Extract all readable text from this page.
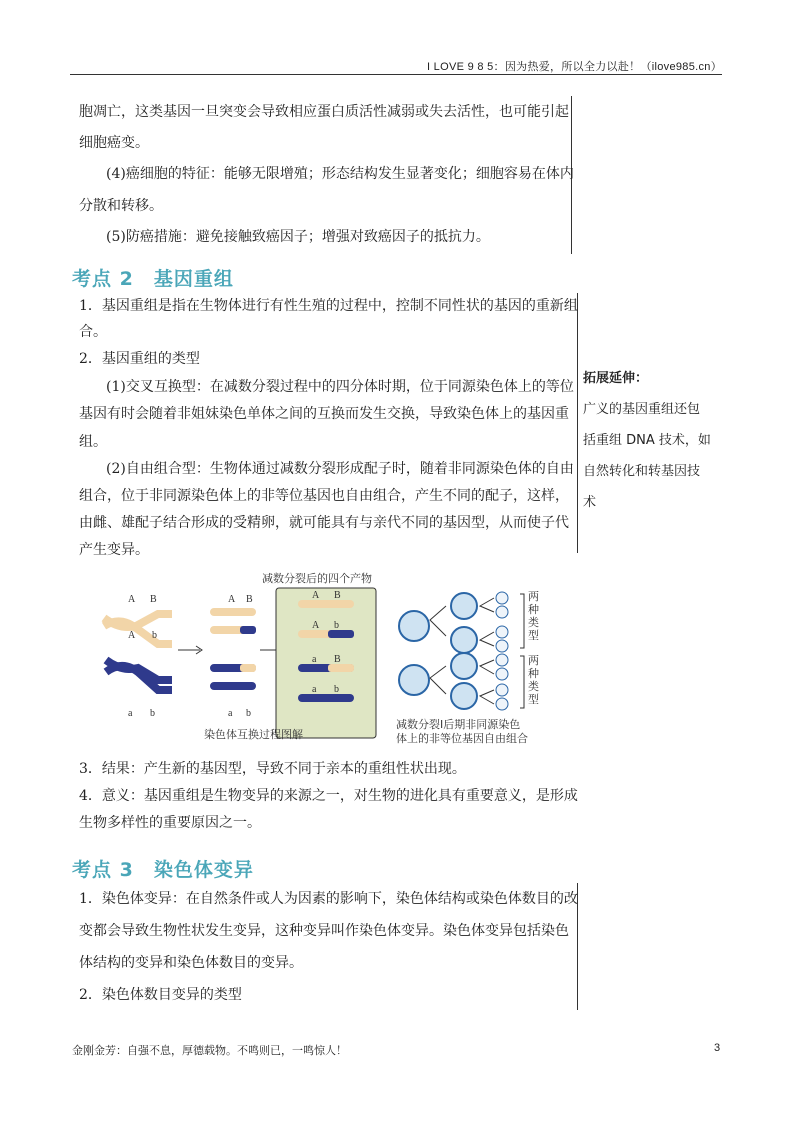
I LOVE 9 8 5：因为热爱，所以全力以赴！（ilove985.cn）
胞凋亡，这类基因一旦突变会导致相应蛋白质活性减弱或失去活性，也可能引起
细胞癌变。
(4)癌细胞的特征：能够无限增殖；形态结构发生显著变化；细胞容易在体内
分散和转移。
(5)防癌措施：避免接触致癌因子；增强对致癌因子的抵抗力。
考点 2　基因重组
1．基因重组是指在生物体进行有性生殖的过程中，控制不同性状的基因的重新组
合。
2．基因重组的类型
(1)交叉互换型：在减数分裂过程中的四分体时期，位于同源染色体上的等位
基因有时会随着非姐妹染色单体之间的互换而发生交换，导致染色体上的基因重
组。
(2)自由组合型：生物体通过减数分裂形成配子时，随着非同源染色体的自由
组合，位于非同源染色体上的非等位基因也自由组合，产生不同的配子，这样，
由雌、雄配子结合形成的受精卵，就可能具有与亲代不同的基因型，从而使子代
产生变异。
拓展延伸：
广义的基因重组还包
括重组 DNA 技术，如
自然转化和转基因技
术
A B
A b
a b
A B
a b
A B
A b
a B
a b
减数分裂后的四个产物
染色体互换过程图解
减数分裂Ⅰ后期非同源染色
体上的非等位基因自由组合
两种类型
两种类型
3．结果：产生新的基因型，导致不同于亲本的重组性状出现。
4．意义：基因重组是生物变异的来源之一，对生物的进化具有重要意义，是形成
生物多样性的重要原因之一。
考点 3　染色体变异
1．染色体变异：在自然条件或人为因素的影响下，染色体结构或染色体数目的改
变都会导致生物性状发生变异，这种变异叫作染色体变异。染色体变异包括染色
体结构的变异和染色体数目的变异。
2．染色体数目变异的类型
金刚金芳：自强不息，厚德载物。不鸣则已，一鸣惊人！	3
